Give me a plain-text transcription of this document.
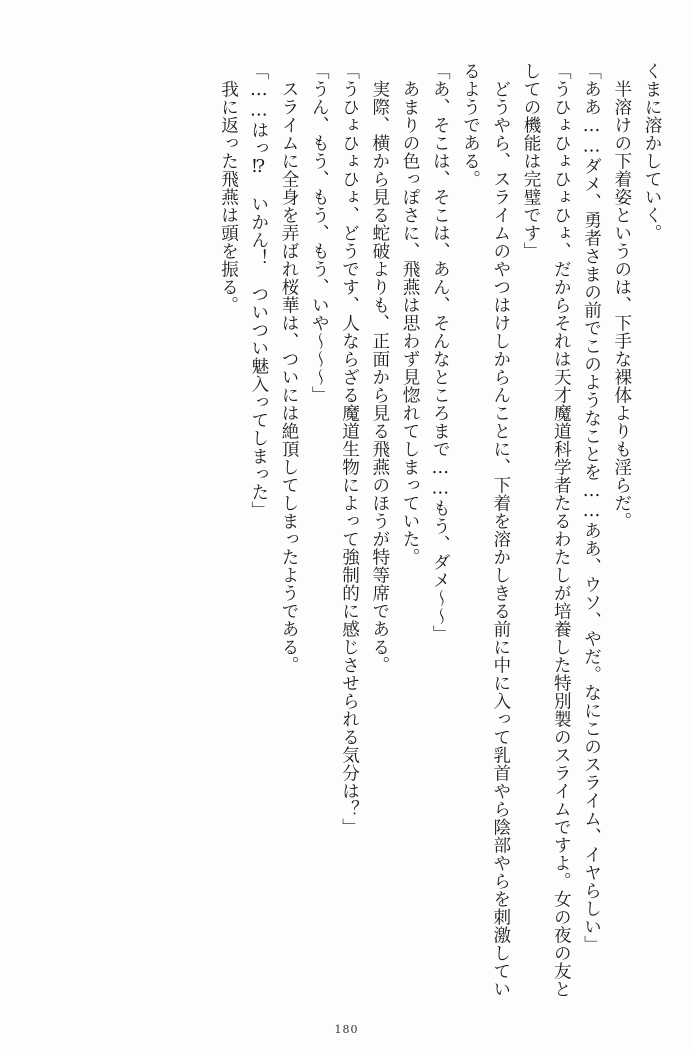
くまに溶かしていく。

　半溶けの下着姿というのは、下手な裸体よりも淫らだ。

「ああ……ダメ、勇者さまの前でこのようなことを……ああ、ウソ、やだ。なにこのスライム、イヤらしい」

「うひょひょひょひょ、だからそれは天才魔道科学者たるわたしが培養した特別製のスライムですよ。女の夜の友としての機能は完璧です」

　どうやら、スライムのやつはけしからんことに、下着を溶かしきる前に中に入って乳首やら陰部やらを刺激しているようである。

「あ、そこは、そこは、あん、そんなところまで……もう、ダメ〜〜」

　あまりの色っぽさに、飛燕は思わず見惚れてしまっていた。

　実際、横から見る蛇破よりも、正面から見る飛燕のほうが特等席である。

「うひょひょひょ、どうです、人ならざる魔道生物によって強制的に感じさせられる気分は？」

「うん、もう、もう、もう、いや〜〜〜」

　スライムに全身を弄ばれ桜華は、ついには絶頂してしまったようである。

「……はっ⁉　いかん！　ついつい魅入ってしまった」

　我に返った飛燕は頭を振る。

180
